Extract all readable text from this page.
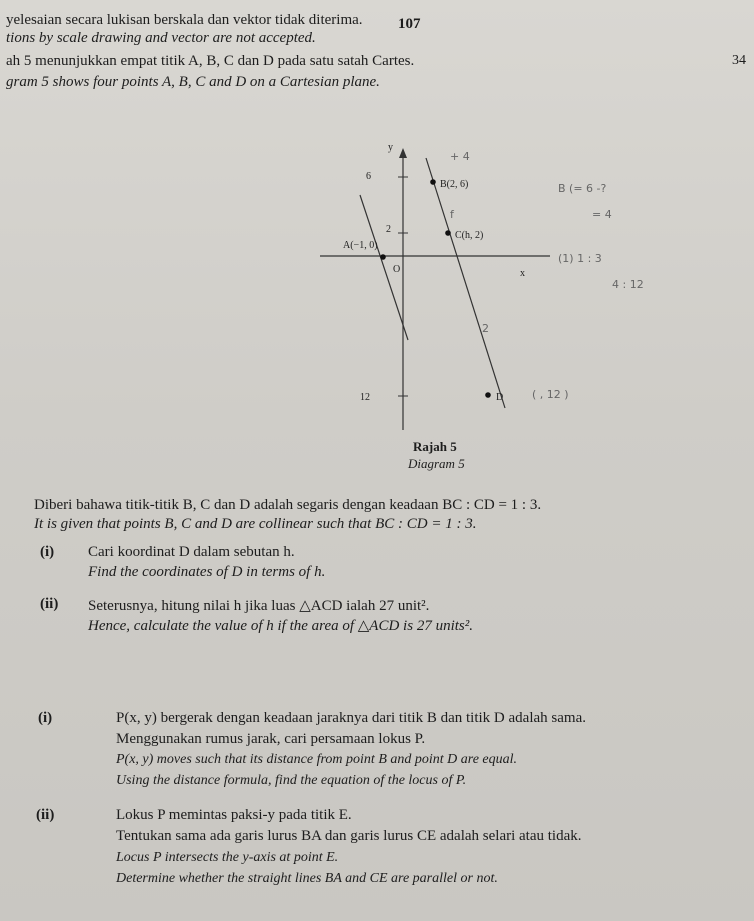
107
34
yelesaian secara lukisan berskala dan vektor tidak diterima.
tions by scale drawing and vector are not accepted.
ah 5 menunjukkan empat titik A, B, C dan D pada satu satah Cartes.
gram 5 shows four points A, B, C and D on a Cartesian plane.
y
x
O
6
2
12
A(−1, 0)
B(2, 6)
C(h, 2)
D
+ 4
B (= 6 -?
= 4
f
(1) 1 : 3
4 : 12
( , 12 )
2
Rajah 5
Diagram 5
Diberi bahawa titik-titik B, C dan D adalah segaris dengan keadaan BC : CD = 1 : 3.
It is given that points B, C and D are collinear such that BC : CD = 1 : 3.
(i) Cari koordinat D dalam sebutan h.
Find the coordinates of D in terms of h.
(ii) Seterusnya, hitung nilai h jika luas △ACD ialah 27 unit².
Hence, calculate the value of h if the area of △ACD is 27 units².
(i)	P(x, y) bergerak dengan keadaan jaraknya dari titik B dan titik D adalah sama.
Menggunakan rumus jarak, cari persamaan lokus P.
P(x, y) moves such that its distance from point B and point D are equal.
Using the distance formula, find the equation of the locus of P.
(ii)	Lokus P memintas paksi-y pada titik E.
Tentukan sama ada garis lurus BA dan garis lurus CE adalah selari atau tidak.
Locus P intersects the y-axis at point E.
Determine whether the straight lines BA and CE are parallel or not.
